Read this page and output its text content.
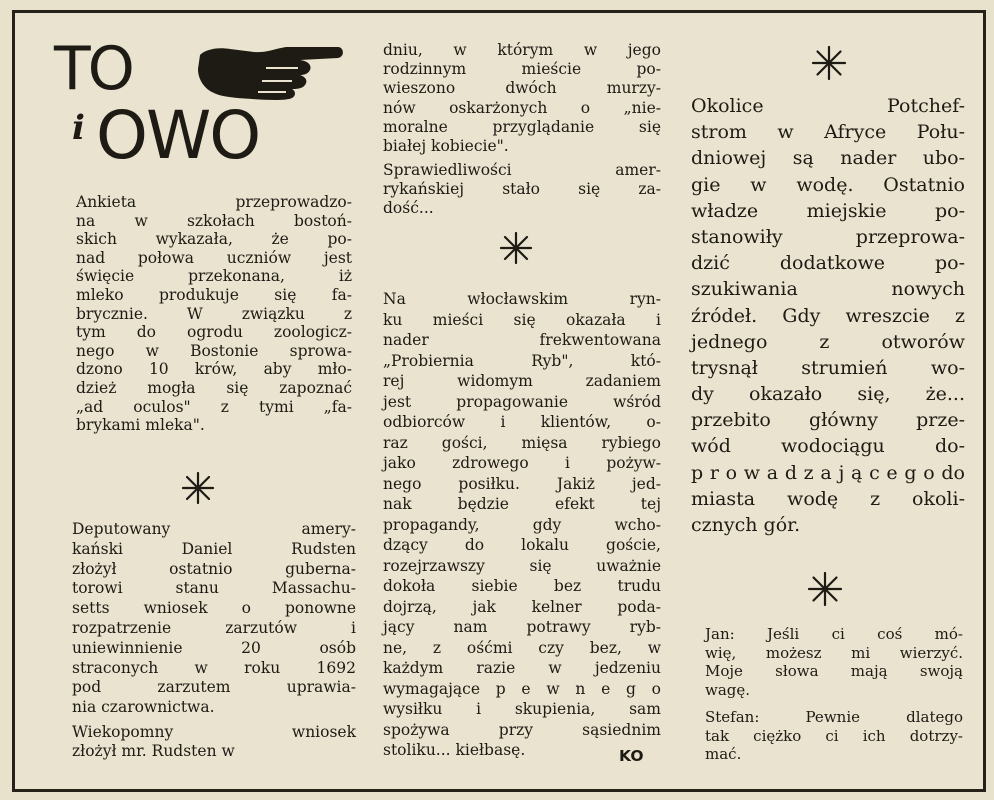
TO
i OWO
Ankieta przeprowadzo-
na w szkołach bostoń-
skich wykazała, że po-
nad połowa uczniów jest
święcie przekonana, iż
mleko produkuje się fa-
brycznie. W związku z
tym do ogrodu zoologicz-
nego w Bostonie sprowa-
dzono 10 krów, aby mło-
dzież mogła się zapoznać
„ad oculos" z tymi „fa-
brykami mleka".
Deputowany amery-
kański Daniel Rudsten
złożył ostatnio guberna-
torowi stanu Massachu-
setts wniosek o ponowne
rozpatrzenie zarzutów i
uniewinnienie 20 osób
straconych w roku 1692
pod zarzutem uprawia-
nia czarownictwa.
Wiekopomny wniosek
złożył mr. Rudsten w
dniu, w którym w jego
rodzinnym mieście po-
wieszono dwóch murzy-
nów oskarżonych o „nie-
moralne przyglądanie się
białej kobiecie".
Sprawiedliwości amer-
rykańskiej stało się za-
dość...
Na włocławskim ryn-
ku mieści się okazała i
nader frekwentowana
„Probiernia Ryb", któ-
rej widomym zadaniem
jest propagowanie wśród
odbiorców i klientów, o-
raz gości, mięsa rybiego
jako zdrowego i pożyw-
nego posiłku. Jakiż jed-
nak będzie efekt tej
propagandy, gdy wcho-
dzący do lokalu goście,
rozejrzawszy się uważnie
dokoła siebie bez trudu
dojrzą, jak kelner poda-
jący nam potrawy ryb-
ne, z ośćmi czy bez, w
każdym razie w jedzeniu
wymagające p e w n e g o
wysiłku i skupienia, sam
spożywa przy sąsiednim
stoliku... kiełbasę.	KO
Okolice Potchef-
strom w Afryce Połu-
dniowej są nader ubo-
gie w wodę. Ostatnio
władze miejskie po-
stanowiły przeprowa-
dzić dodatkowe po-
szukiwania nowych
źródeł. Gdy wreszcie z
jednego z otworów
trysnął strumień wo-
dy okazało się, że...
przebito główny prze-
wód wodociągu do-
p r o w a d z a j ą c e g o do
miasta wodę z okoli-
cznych gór.
Jan: Jeśli ci coś mó-
wię, możesz mi wierzyć.
Moje słowa mają swoją
wagę.
Stefan: Pewnie dlatego
tak ciężko ci ich dotrzy-
mać.
